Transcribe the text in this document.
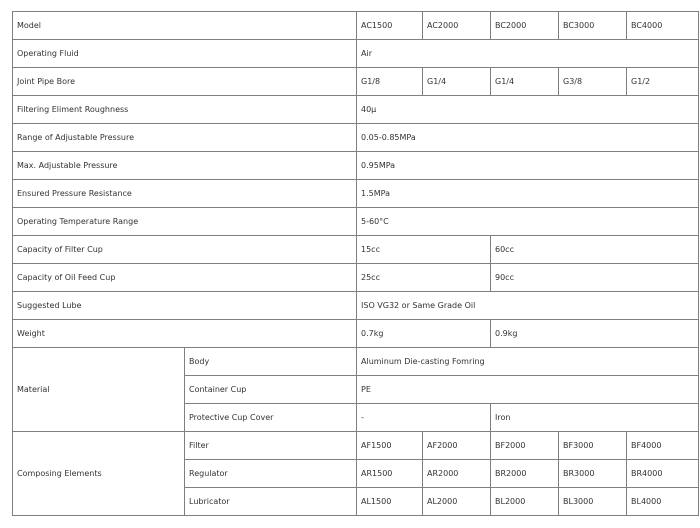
Model		AC1500	AC2000	BC2000	BC3000	BC4000
Operating Fluid		Air				
Joint Pipe Bore		G1/8	G1/4	G1/4	G3/8	G1/2
Filtering Eliment Roughness		40μ				
Range of Adjustable Pressure		0.05-0.85MPa				
Max. Adjustable Pressure		0.95MPa				
Ensured Pressure Resistance		1.5MPa				
Operating Temperature Range		5-60°C				
Capacity of Filter Cup		15cc		60cc		
Capacity of Oil Feed Cup		25cc		90cc		
Suggested Lube		ISO VG32 or Same Grade Oil				
Weight		0.7kg		0.9kg		
Material	Body	Aluminum Die-casting Fomring				
	Container Cup	PE				
	Protective Cup Cover	-		Iron		
Composing Elements	Filter	AF1500	AF2000	BF2000	BF3000	BF4000
	Regulator	AR1500	AR2000	BR2000	BR3000	BR4000
	Lubricator	AL1500	AL2000	BL2000	BL3000	BL4000
